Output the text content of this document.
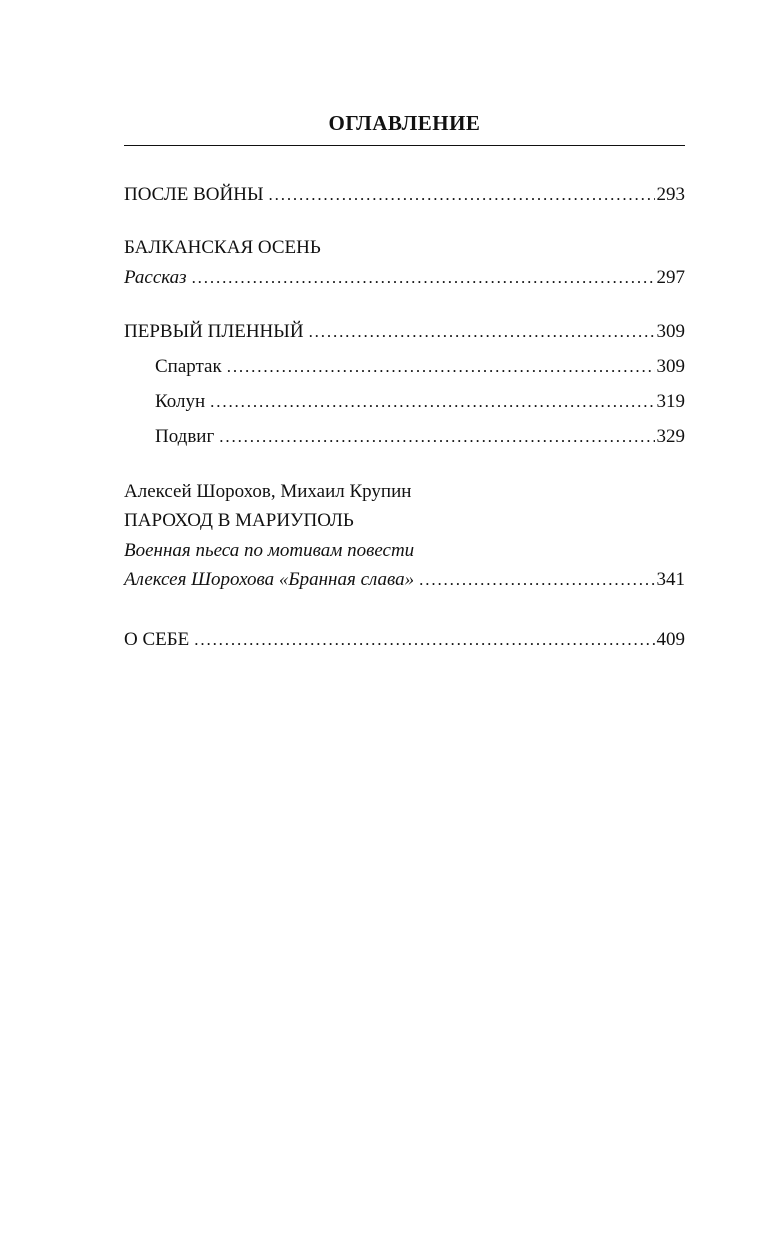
ОГЛАВЛЕНИЕ
ПОСЛЕ ВОЙНЫ . . .	293
БАЛКАНСКАЯ ОСЕНЬ
Рассказ . . .	297
ПЕРВЫЙ ПЛЕННЫЙ . . .	309
Спартак . . .	309
Колун . . .	319
Подвиг . . .	329
Алексей Шорохов, Михаил Крупин
ПАРОХОД В МАРИУПОЛЬ
Военная пьеса по мотивам повести
Алексея Шорохова «Бранная слава» . . .	341
О СЕБЕ . . .	409
